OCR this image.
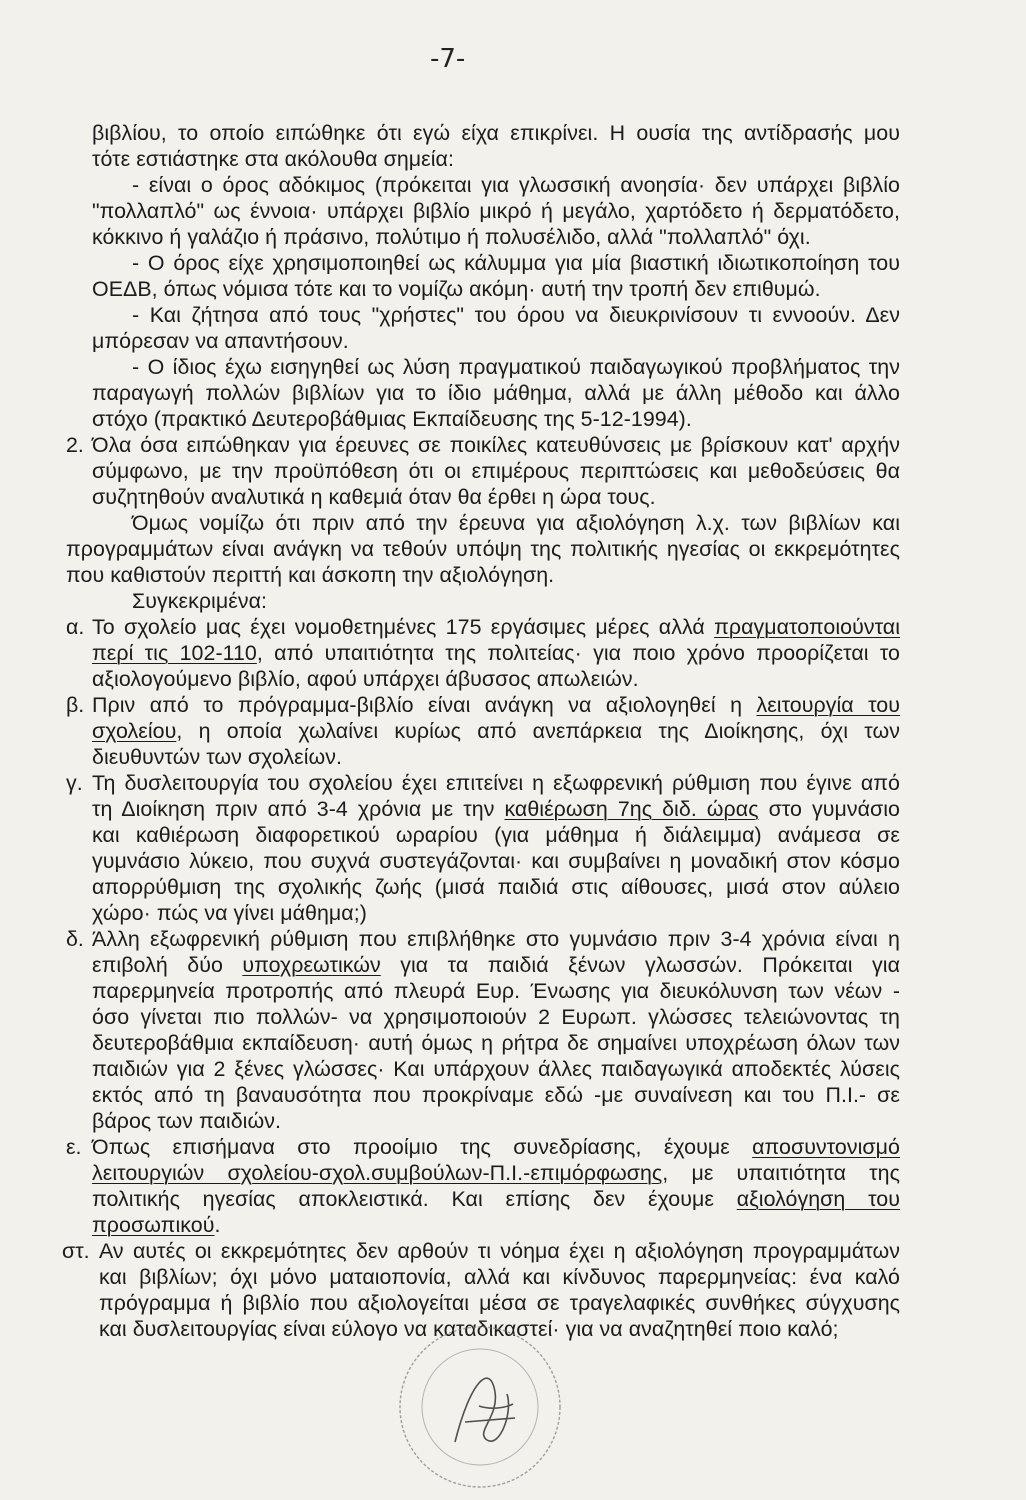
-7-
βιβλίου, το οποίο ειπώθηκε ότι εγώ είχα επικρίνει. Η ουσία της αντίδρασής μου
τότε εστιάστηκε στα ακόλουθα σημεία:
- είναι ο όρος αδόκιμος (πρόκειται για γλωσσική ανοησία· δεν υπάρχει βιβλίο
"πολλαπλό" ως έννοια· υπάρχει βιβλίο μικρό ή μεγάλο, χαρτόδετο ή δερματόδετο,
κόκκινο ή γαλάζιο ή πράσινο, πολύτιμο ή πολυσέλιδο, αλλά "πολλαπλό" όχι.
- Ο όρος είχε χρησιμοποιηθεί ως κάλυμμα για μία βιαστική ιδιωτικοποίηση του
ΟΕΔΒ, όπως νόμισα τότε και το νομίζω ακόμη· αυτή την τροπή δεν επιθυμώ.
- Και ζήτησα από τους "χρήστες" του όρου να διευκρινίσουν τι εννοούν. Δεν
μπόρεσαν να απαντήσουν.
- Ο ίδιος έχω εισηγηθεί ως λύση πραγματικού παιδαγωγικού προβλήματος την
παραγωγή πολλών βιβλίων για το ίδιο μάθημα, αλλά με άλλη μέθοδο και άλλο
στόχο (πρακτικό Δευτεροβάθμιας Εκπαίδευσης της 5-12-1994).
2. Όλα όσα ειπώθηκαν για έρευνες σε ποικίλες κατευθύνσεις με βρίσκουν κατ' αρχήν
σύμφωνο, με την προϋπόθεση ότι οι επιμέρους περιπτώσεις και μεθοδεύσεις θα
συζητηθούν αναλυτικά η καθεμιά όταν θα έρθει η ώρα τους.
Όμως νομίζω ότι πριν από την έρευνα για αξιολόγηση λ.χ. των βιβλίων και
προγραμμάτων είναι ανάγκη να τεθούν υπόψη της πολιτικής ηγεσίας οι εκκρεμότητες
που καθιστούν περιττή και άσκοπη την αξιολόγηση.
Συγκεκριμένα:
α. Το σχολείο μας έχει νομοθετημένες 175 εργάσιμες μέρες αλλά πραγματοποιούνται
περί τις 102-110, από υπαιτιότητα της πολιτείας· για ποιο χρόνο προορίζεται το
αξιολογούμενο βιβλίο, αφού υπάρχει άβυσσος απωλειών.
β. Πριν από το πρόγραμμα-βιβλίο είναι ανάγκη να αξιολογηθεί η λειτουργία του
σχολείου, η οποία χωλαίνει κυρίως από ανεπάρκεια της Διοίκησης, όχι των
διευθυντών των σχολείων.
γ. Τη δυσλειτουργία του σχολείου έχει επιτείνει η εξωφρενική ρύθμιση που έγινε από
τη Διοίκηση πριν από 3-4 χρόνια με την καθιέρωση 7ης διδ. ώρας στο γυμνάσιο
και καθιέρωση διαφορετικού ωραρίου (για μάθημα ή διάλειμμα) ανάμεσα σε
γυμνάσιο λύκειο, που συχνά συστεγάζονται· και συμβαίνει η μοναδική στον κόσμο
απορρύθμιση της σχολικής ζωής (μισά παιδιά στις αίθουσες, μισά στον αύλειο
χώρο· πώς να γίνει μάθημα;)
δ. Άλλη εξωφρενική ρύθμιση που επιβλήθηκε στο γυμνάσιο πριν 3-4 χρόνια είναι η
επιβολή δύο υποχρεωτικών για τα παιδιά ξένων γλωσσών. Πρόκειται για
παρερμηνεία προτροπής από πλευρά Ευρ. Ένωσης για διευκόλυνση των νέων -
όσο γίνεται πιο πολλών- να χρησιμοποιούν 2 Ευρωπ. γλώσσες τελειώνοντας τη
δευτεροβάθμια εκπαίδευση· αυτή όμως η ρήτρα δε σημαίνει υποχρέωση όλων των
παιδιών για 2 ξένες γλώσσες· Και υπάρχουν άλλες παιδαγωγικά αποδεκτές λύσεις
εκτός από τη βαναυσότητα που προκρίναμε εδώ -με συναίνεση και του Π.Ι.- σε
βάρος των παιδιών.
ε. Όπως επισήμανα στο προοίμιο της συνεδρίασης, έχουμε αποσυντονισμό
λειτουργιών σχολείου-σχολ.συμβούλων-Π.Ι.-επιμόρφωσης, με υπαιτιότητα της
πολιτικής ηγεσίας αποκλειστικά. Και επίσης δεν έχουμε αξιολόγηση του
προσωπικού.
στ. Αν αυτές οι εκκρεμότητες δεν αρθούν τι νόημα έχει η αξιολόγηση προγραμμάτων
και βιβλίων; όχι μόνο ματαιοπονία, αλλά και κίνδυνος παρερμηνείας: ένα καλό
πρόγραμμα ή βιβλίο που αξιολογείται μέσα σε τραγελαφικές συνθήκες σύγχυσης
και δυσλειτουργίας είναι εύλογο να καταδικαστεί· για να αναζητηθεί ποιο καλό;
